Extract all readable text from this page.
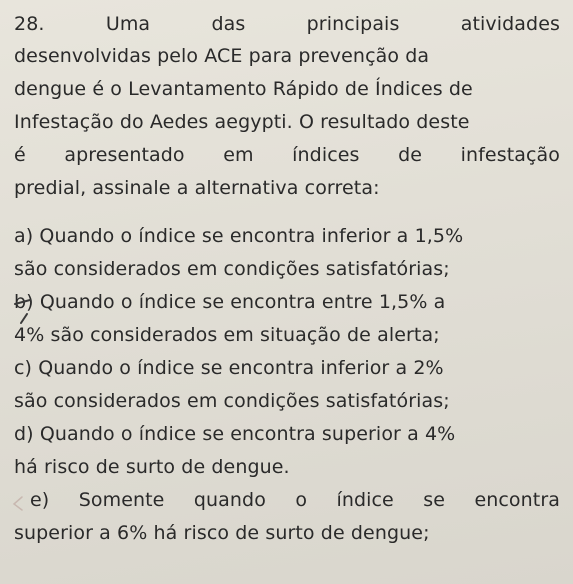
28.	Uma	das	principais	atividades
desenvolvidas pelo ACE para prevenção da
dengue é o Levantamento Rápido de Índices de
Infestação do Aedes aegypti. O resultado deste
é apresentado em índices de infestação
predial, assinale a alternativa correta:
a) Quando o índice se encontra inferior a 1,5%
são considerados em condições satisfatórias;
b) Quando o índice se encontra entre 1,5% a
4% são considerados em situação de alerta;
c) Quando o índice se encontra inferior a 2%
são considerados em condições satisfatórias;
d) Quando o índice se encontra superior a 4%
há risco de surto de dengue.
e) Somente quando o índice se encontra
superior a 6% há risco de surto de dengue;
